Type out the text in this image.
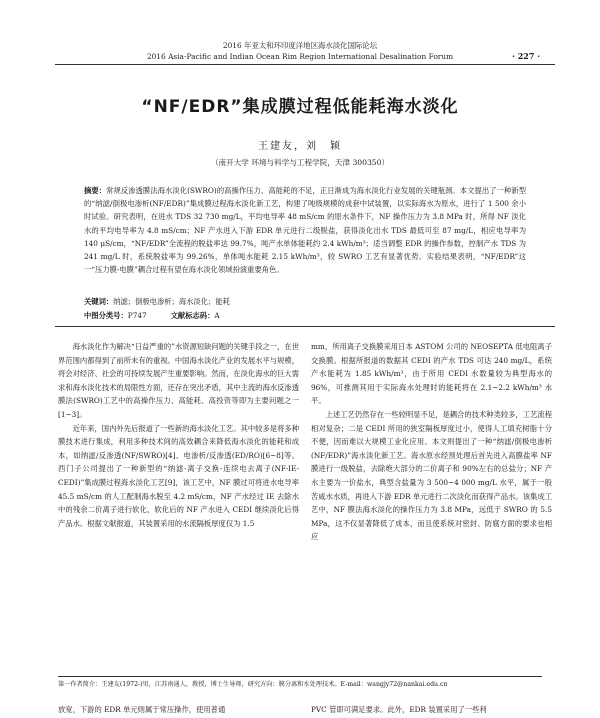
2016 年亚太和环印度洋地区海水淡化国际论坛
2016 Asia-Pacific and Indian Ocean Rim Region International Desalination Forum	· 227 ·
“NF/EDR”集成膜过程低能耗海水淡化
王建友，刘　颖
（南开大学 环境与科学与工程学院，天津 300350）
摘要：常规反渗透膜法海水淡化(SWRO)的高操作压力、高能耗的不足，正日渐成为海水淡化行业发展的关键瓶颈。本文提出了一种新型的“纳滤/倒极电渗析(NF/EDR)”集成膜过程海水淡化新工艺，构建了吨级规模的成套中试装置，以实际海水为原水，进行了 1 500 余小时试验。研究表明，在进水 TDS 32 730 mg/L，平均电导率 48 mS/cm 的原水条件下，NF 操作压力为 3.8 MPa 时，所得 NF 淡化水的平均电导率为 4.8 mS/cm；NF 产水进入下游 EDR 单元进行二级脱盐，获得淡化出水 TDS 最低可至 87 mg/L，相应电导率为 140 μS/cm，“NF/EDR”全流程的脱盐率达 99.7%，吨产水单体能耗约 2.4 kWh/m³；适当调整 EDR 的操作参数，控制产水 TDS 为 241 mg/L 时，系统脱盐率为 99.26%，单体吨水能耗 2.15 kWh/m³，较 SWRO 工艺有显著优势。实验结果表明，“NF/EDR”这一“压力膜-电膜”耦合过程有望在海水淡化领域扮演重要角色。
关键词：纳滤；倒极电渗析；海水淡化；能耗
中图分类号：P747	文献标志码：A

海水淡化作为解决“日益严重的”水资源短缺问题的关键手段之一，在世界范围内都得到了前所未有的重视。中国海水淡化产业的发展水平与规模，将会对经济、社会的可持续发展产生重要影响。然而，在淡化海水的巨大需求和海水淡化技术的局限性方面，还存在突出矛盾，其中主流的海水反渗透膜法(SWRO)工艺中的高操作压力、高能耗、高投资等即为主要问题之一[1~3]。

近年来，国内外先后报道了一些新的海水淡化工艺。其中较多是将多种膜技术进行集成，利用多种技术间的高效耦合来降低海水淡化的能耗和成本，如纳滤/反渗透(NF/SWRO)[4]、电渗析/反渗透(ED/RO)[6~8]等。西门子公司提出了一种新型的“纳滤-离子交换-连续电去离子(NF-IE-CEDI)”集成膜过程海水淡化工艺[9]，该工艺中，NF 膜过可将进水电导率 45.5 mS/cm 的人工配制海水脱至 4.2 mS/cm，NF 产水经过 IE 去除水中的残余二价离子进行软化，软化后的 NF 产水进入 CEDI 继续淡化后得产品水。根据文献报道，其装置采用的水流隔板厚度仅为 1.5

mm，所用离子交换膜采用日本 ASTOM 公司的 NEOSEPTA 低电阻离子交换膜。根据所报道的数据其 CEDI 的产水 TDS 可达 240 mg/L，系统产水能耗为 1.85 kWh/m³，由于所用 CEDI 水数量较为典型海水的 96%，可推测其用于实际海水处理时的能耗将在 2.1~2.2 kWh/m³ 水平。

上述工艺仍然存在一些较明显不足，是耦合的技术种类较多，工艺流程相对复杂；二是 CEDI 所用的狭室隔板厚度过小，使得人工填充树脂十分不便，因而难以大规模工业化应用。本文则提出了一种“纳滤/倒极电渗析(NF/EDR)”海水淡化新工艺。海水原水经预处理后首先进入高膜盐率 NF 膜进行一级脱盐，去除绝大部分的二价离子和 90%左右的总盐分；NF 产水主要为一价盐水，典型含盐量为 3 500~4 000 mg/L 水平，属于一般苦咸水水质，再进入下游 EDR 单元进行二次淡化而获得产品水。该集成工艺中，NF 膜法海水淡化的操作压力为 3.8 MPa，远低于 SWRO 的 5.5 MPa，这不仅显著降低了成本，而且使系统对密封、防腐方面的要求也相应

第一作者简介：王建友(1972-)男，江苏南通人，教授，博士生导师，研究方向：膜分离和水处理技术。E-mail：wangjy72@nankai.edu.cn
放宽，下游的 EDR 单元则属于常压操作，使用普通	PVC 管即可满足要求。此外，EDR 装置采用了一些利
